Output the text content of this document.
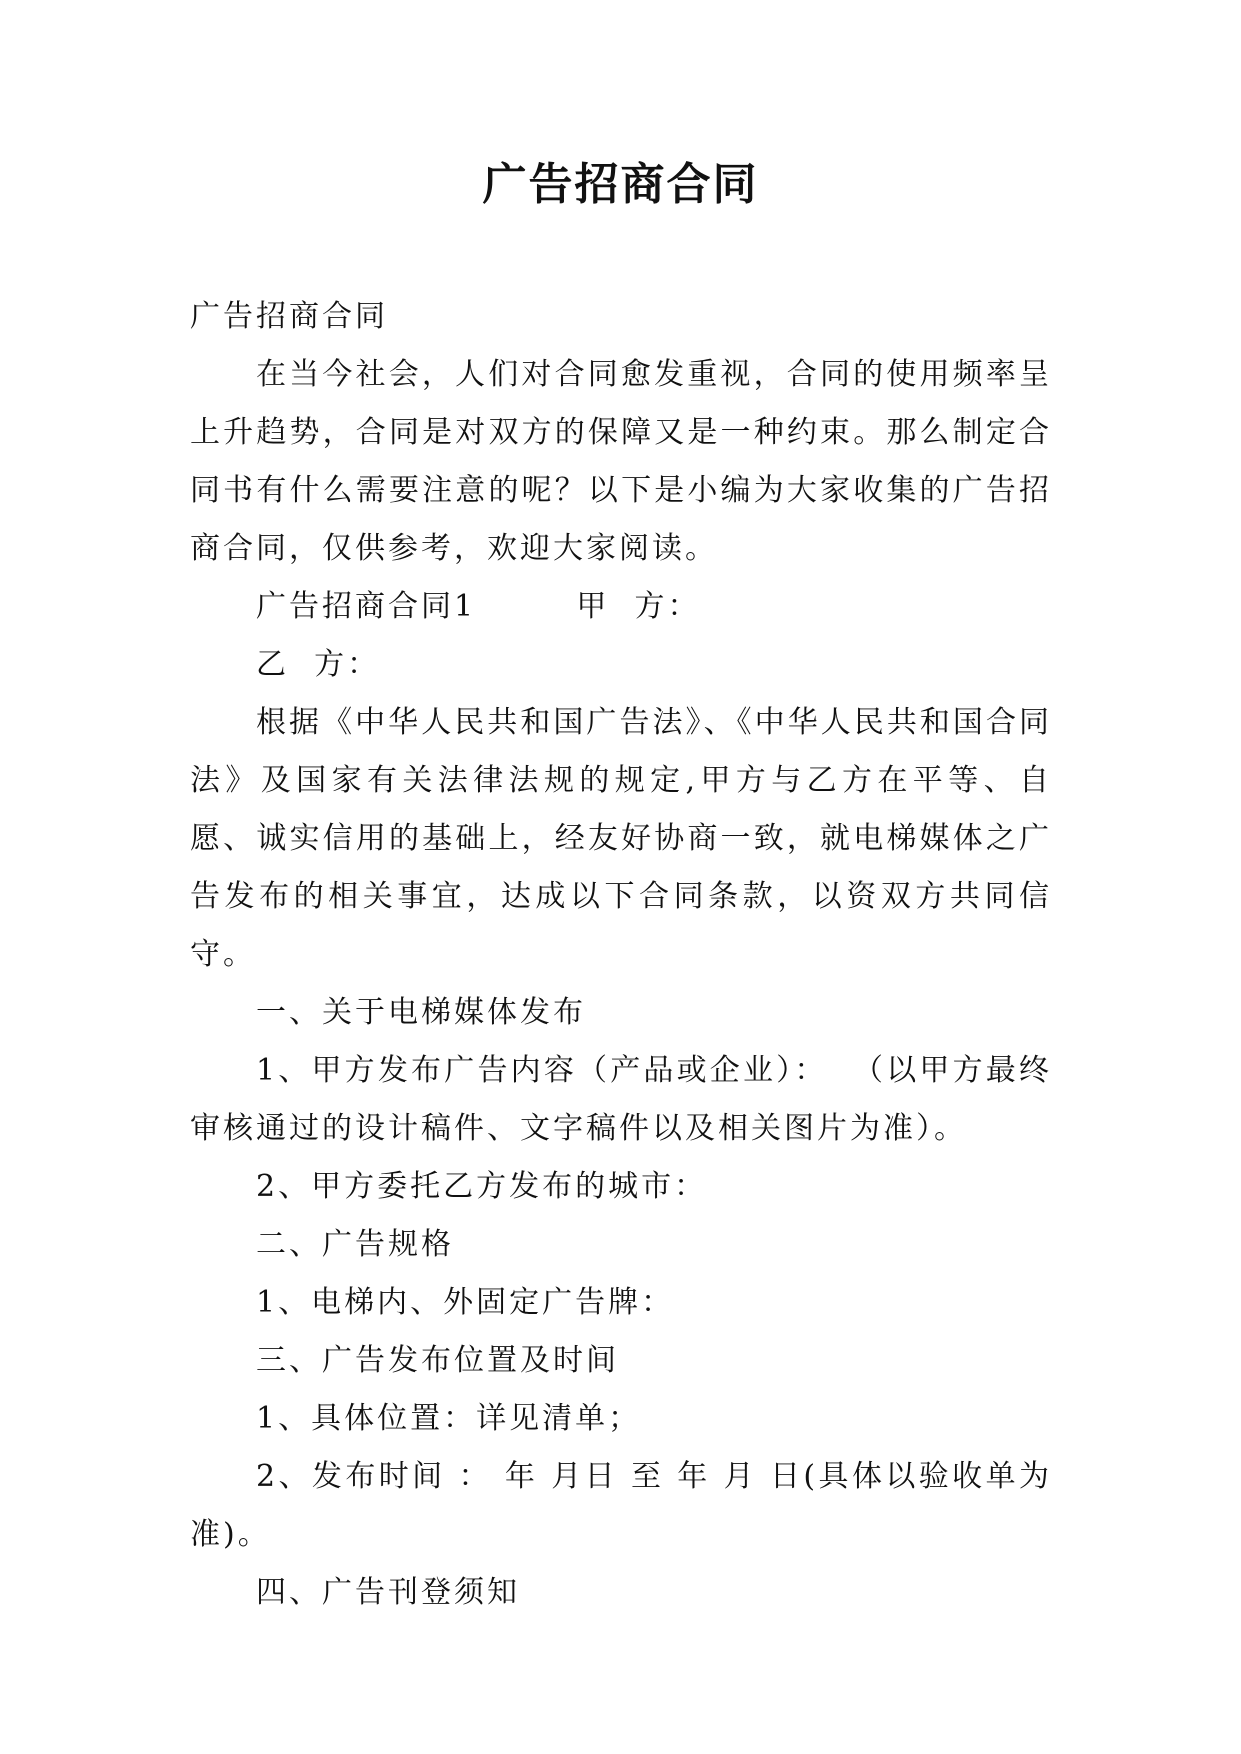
广告招商合同

广告招商合同

在当今社会，人们对合同愈发重视，合同的使用频率呈上升趋势，合同是对双方的保障又是一种约束。那么制定合同书有什么需要注意的呢？以下是小编为大家收集的广告招商合同，仅供参考，欢迎大家阅读。

广告招商合同1        甲  方：

乙  方：

根据《中华人民共和国广告法》、《中华人民共和国合同法》及国家有关法律法规的规定,甲方与乙方在平等、自愿、诚实信用的基础上，经友好协商一致，就电梯媒体之广告发布的相关事宜，达成以下合同条款，以资双方共同信守。

一、关于电梯媒体发布

1、甲方发布广告内容（产品或企业）：  （以甲方最终审核通过的设计稿件、文字稿件以及相关图片为准）。

2、甲方委托乙方发布的城市：

二、广告规格

1、电梯内、外固定广告牌：

三、广告发布位置及时间

1、具体位置：详见清单；

2、发布时间 ： 年 月日 至 年 月 日(具体以验收单为准)。

四、广告刊登须知
